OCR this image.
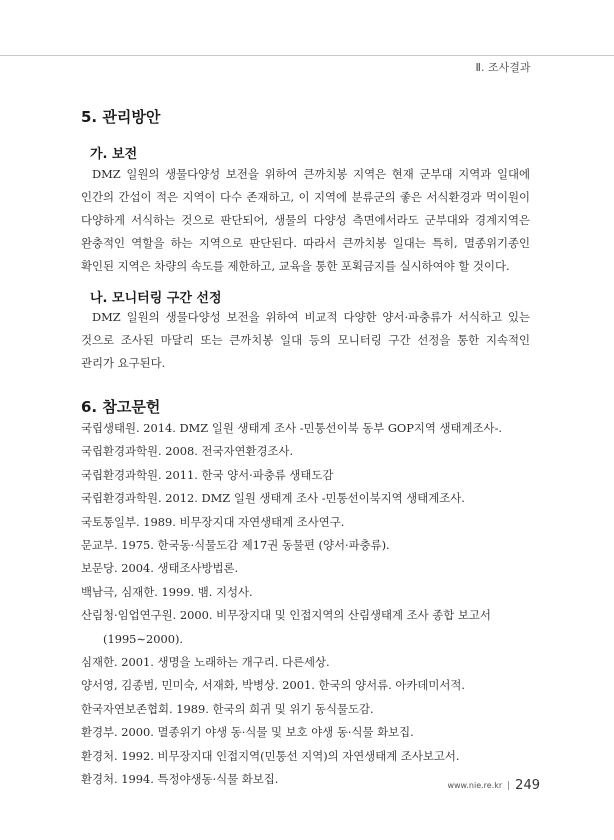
Ⅱ. 조사결과
5. 관리방안
가. 보전

DMZ 일원의 생물다양성 보전을 위하여 큰까치봉 지역은 현재 군부대 지역과 일대에 인간의 간섭이 적은 지역이 다수 존재하고, 이 지역에 분류군의 좋은 서식환경과 먹이원이 다양하게 서식하는 것으로 판단되어, 생물의 다양성 측면에서라도 군부대와 경계지역은 완충적인 역할을 하는 지역으로 판단된다. 따라서 큰까치봉 일대는 특히, 멸종위기종인 확인된 지역은 차량의 속도를 제한하고, 교육을 통한 포획금지를 실시하여야 할 것이다.

나. 모니터링 구간 선정

DMZ 일원의 생물다양성 보전을 위하여 비교적 다양한 양서·파충류가 서식하고 있는 것으로 조사된 마달리 또는 큰까치봉 일대 등의 모니터링 구간 선정을 통한 지속적인 관리가 요구된다.

6. 참고문헌
국립생태원. 2014. DMZ 일원 생태계 조사 -민통선이북 동부 GOP지역 생태계조사-.
국립환경과학원. 2008. 전국자연환경조사.
국립환경과학원. 2011. 한국 양서·파충류 생태도감
국립환경과학원. 2012. DMZ 일원 생태계 조사 -민통선이북지역 생태계조사.
국토통일부. 1989. 비무장지대 자연생태계 조사연구.
문교부. 1975. 한국동·식물도감 제17권 동물편 (양서·파충류).
보문당. 2004. 생태조사방법론.
백남극, 심재한. 1999. 뱀. 지성사.
산림청·임업연구원. 2000. 비무장지대 및 인접지역의 산림생태계 조사 종합 보고서 (1995∼2000).
심재한. 2001. 생명을 노래하는 개구리. 다른세상.
양서영, 김종범, 민미숙, 서재화, 박병상. 2001. 한국의 양서류. 아카데미서적.
한국자연보존협회. 1989. 한국의 희귀 및 위기 동식물도감.
환경부. 2000. 멸종위기 야생 동·식물 및 보호 야생 동·식물 화보집.
환경처. 1992. 비무장지대 인접지역(민통선 지역)의 자연생태계 조사보고서.
환경처. 1994. 특정야생동·식물 화보집.	www.nie.re.kr 249
